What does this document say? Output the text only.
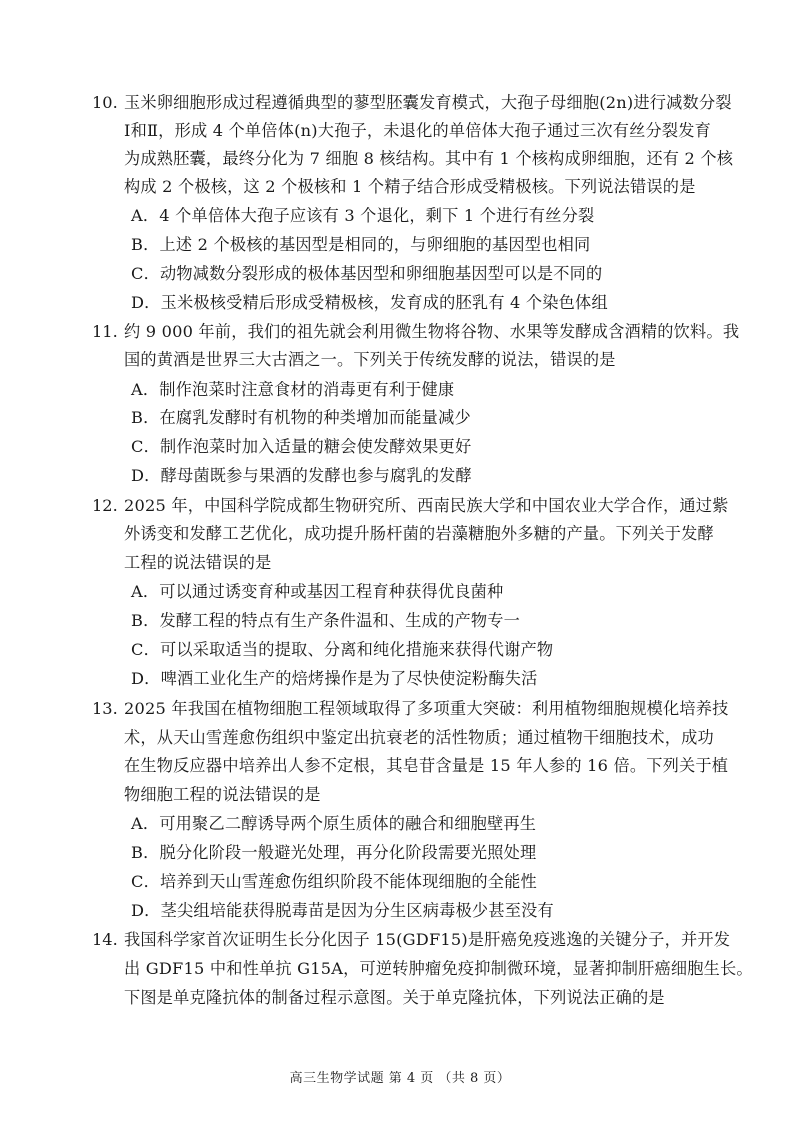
10. 玉米卵细胞形成过程遵循典型的蓼型胚囊发育模式，大孢子母细胞(2n)进行减数分裂
Ⅰ和Ⅱ，形成 4 个单倍体(n)大孢子，未退化的单倍体大孢子通过三次有丝分裂发育
为成熟胚囊，最终分化为 7 细胞 8 核结构。其中有 1 个核构成卵细胞，还有 2 个核
构成 2 个极核，这 2 个极核和 1 个精子结合形成受精极核。下列说法错误的是
A．4 个单倍体大孢子应该有 3 个退化，剩下 1 个进行有丝分裂
B．上述 2 个极核的基因型是相同的，与卵细胞的基因型也相同
C．动物减数分裂形成的极体基因型和卵细胞基因型可以是不同的
D．玉米极核受精后形成受精极核，发育成的胚乳有 4 个染色体组
11. 约 9 000 年前，我们的祖先就会利用微生物将谷物、水果等发酵成含酒精的饮料。我
国的黄酒是世界三大古酒之一。下列关于传统发酵的说法，错误的是
A．制作泡菜时注意食材的消毒更有利于健康
B．在腐乳发酵时有机物的种类增加而能量减少
C．制作泡菜时加入适量的糖会使发酵效果更好
D．酵母菌既参与果酒的发酵也参与腐乳的发酵
12. 2025 年，中国科学院成都生物研究所、西南民族大学和中国农业大学合作，通过紫
外诱变和发酵工艺优化，成功提升肠杆菌的岩藻糖胞外多糖的产量。下列关于发酵
工程的说法错误的是
A．可以通过诱变育种或基因工程育种获得优良菌种
B．发酵工程的特点有生产条件温和、生成的产物专一
C．可以采取适当的提取、分离和纯化措施来获得代谢产物
D．啤酒工业化生产的焙烤操作是为了尽快使淀粉酶失活
13. 2025 年我国在植物细胞工程领域取得了多项重大突破：利用植物细胞规模化培养技
术，从天山雪莲愈伤组织中鉴定出抗衰老的活性物质；通过植物干细胞技术，成功
在生物反应器中培养出人参不定根，其皂苷含量是 15 年人参的 16 倍。下列关于植
物细胞工程的说法错误的是
A．可用聚乙二醇诱导两个原生质体的融合和细胞壁再生
B．脱分化阶段一般避光处理，再分化阶段需要光照处理
C．培养到天山雪莲愈伤组织阶段不能体现细胞的全能性
D．茎尖组培能获得脱毒苗是因为分生区病毒极少甚至没有
14. 我国科学家首次证明生长分化因子 15(GDF15)是肝癌免疫逃逸的关键分子，并开发
出 GDF15 中和性单抗 G15A，可逆转肿瘤免疫抑制微环境，显著抑制肝癌细胞生长。
下图是单克隆抗体的制备过程示意图。关于单克隆抗体，下列说法正确的是
高三生物学试题 第 4 页 （共 8 页）
